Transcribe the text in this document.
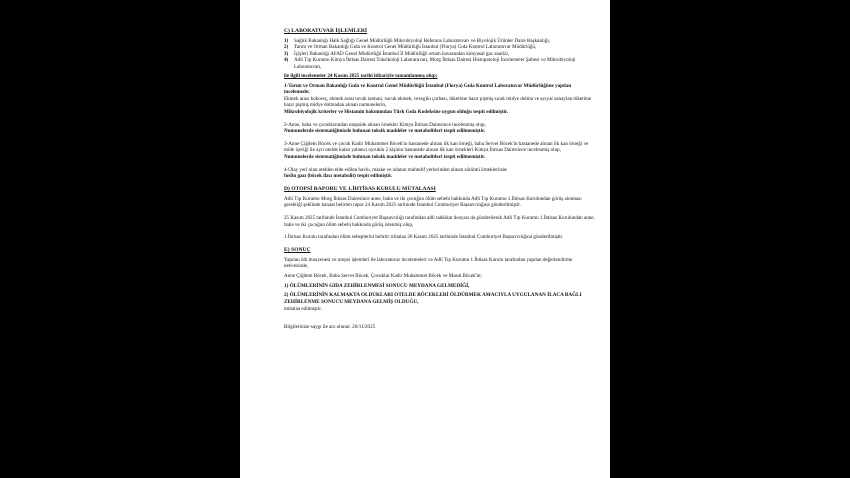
C) LABORATUVAR İŞLEMLERİ

1)	Sağlık Bakanlığı Halk Sağlığı Genel Müdürlüğü Mikrobiyoloji Referans Laboratuvarı ve Biyolojik Ürünler Daire Başkanlığı,
2)	Tarım ve Orman Bakanlığı Gıda ve Kontrol Genel Müdürlüğü İstanbul (Florya) Gıda Kontrol Laboratuvar Müdürlüğü,
3)	İçişleri Bakanlığı AFAD Genel Müdürlüğü İstanbul İl Müdürlüğü ortam havasından kimyasal gaz analizi,
4)	Adli Tıp Kurumu Kimya İhtisas Dairesi Toksikoloji Laboratuvarı, Morg İhtisas Dairesi Histopatoloji İncelemeler Şubesi ve Mikrobiyoloji Laboratuvarı,

ile ilgili incelemeler 24 Kasım 2025 tarihi itibariyle tamamlanmış olup;

1-Tarım ve Orman Bakanlığı Gıda ve Kontrol Genel Müdürlüğü İstanbul (Florya) Gıda Kontrol Laboratuvar Müdürlüğüne yapılan incelemede;

Ekmek arası kokoreç, ekmek arası tavuk tantuni, sucuk ekmek, cezeglin çorbası, tüketime hazır pişmiş sıcak midye dolma ve ayıyar sanaylan tüketime hazır pişmiş midye dolmadan alınan numunelerin,

Mikrobiyolojik kriterler ve Histamin bakımından Türk Gıda Kodeksine uygun olduğu tespit edilmiştir.

2-Anne, baba ve çocuklarından otopside alınan örnekler Kimya İhtisas Dairesince incelenmiş olup,

Numunelerde sistematiğimizde bulunan toksik maddeler ve metabolitleri tespit edilmemiştir.

3-Anne Çiğdem Böcek ve çocuk Kadir Muhammet Böcek'in hastanede alınan ilk kan örneği, baba Servet Böcek'in hastanede alınan ilk kan örneği ve mide içeriği ile ayrı otelde kalan yabancı uyruklu 2 kişinin hastanede alınan ilk kan örnekleri Kimya İhtisas Dairesince incelenmiş olup,

Numunelerde sistematiğimizde bulunan toksik maddeler ve metabolitleri tespit edilmemiştir.

4-Olay yeri olan otelden elde edilen havlu, maske ve odanın muhtelif yerlerinden alınan sürüntü örneklerinde

fosfin gazı (böcek ilacı metabolit) tespit edilmiştir.

D) OTOPSİ RAPORU VE 1.İHTİSAS KURULU MÜTALAASI

Adli Tıp Kurumu Morg İhtisas Dairesince anne, baba ve iki çocuğun ölüm sebebi hakkında Adli Tıp Kurumu 1.İhtisas Kurulundan görüş alınması gerektiği şeklinde kanaat belirten rapor 24 Kasım 2025 tarihinde İstanbul Cumhuriyet Başsavcılığına gönderilmiştir.

25 Kasım 2025 tarihinde İstanbul Cumhuriyet Başsavcılığı tarafından adli tahkikat dosyası da gönderilerek Adli Tıp Kurumu 1.İhtisas Kurulundan anne, baba ve iki çocuğun ölüm sebebi hakkında görüş istenmiş olup,

1.İhtisas Kurulu tarafından ölüm sebeplerini belirtir rrütalaa 26 Kasım 2025 tarihinde İstanbul Cumhuriyet Başsavcılığına gönderilmiştir.

E) SONUÇ

Yapılan ölü muayenesi ve otopsi işlemleri ile laboratuvar incelemeleri ve Adli Tıp Kurumu 1.İhtisas Kurulu tarafından yapılan değerlendirme neticesinde,

Anne Çiğdem Böcek, Baba Servet Böcek, Çocuklar Kadir Muhammet Böcek ve Masal Böcek'in;

1) ÖLÜMLERİNİN GIDA ZEHİRLENMESİ SONUCU MEYDANA GELMEDİĞİ,

2) ÖLÜMLERİNİN KALMAKTA OLDUKLARI OTELDE BÖCEKLERİ ÖLDÜRMEK AMACIYLA UYGULANAN İLACA BAĞLI ZEHİRLENME SONUCU MEYDANA GELMİŞ OLDUĞU,

mütalaa edilmiştir.

Bilgilerinize saygı ile arz olunur. 26/11/2025
